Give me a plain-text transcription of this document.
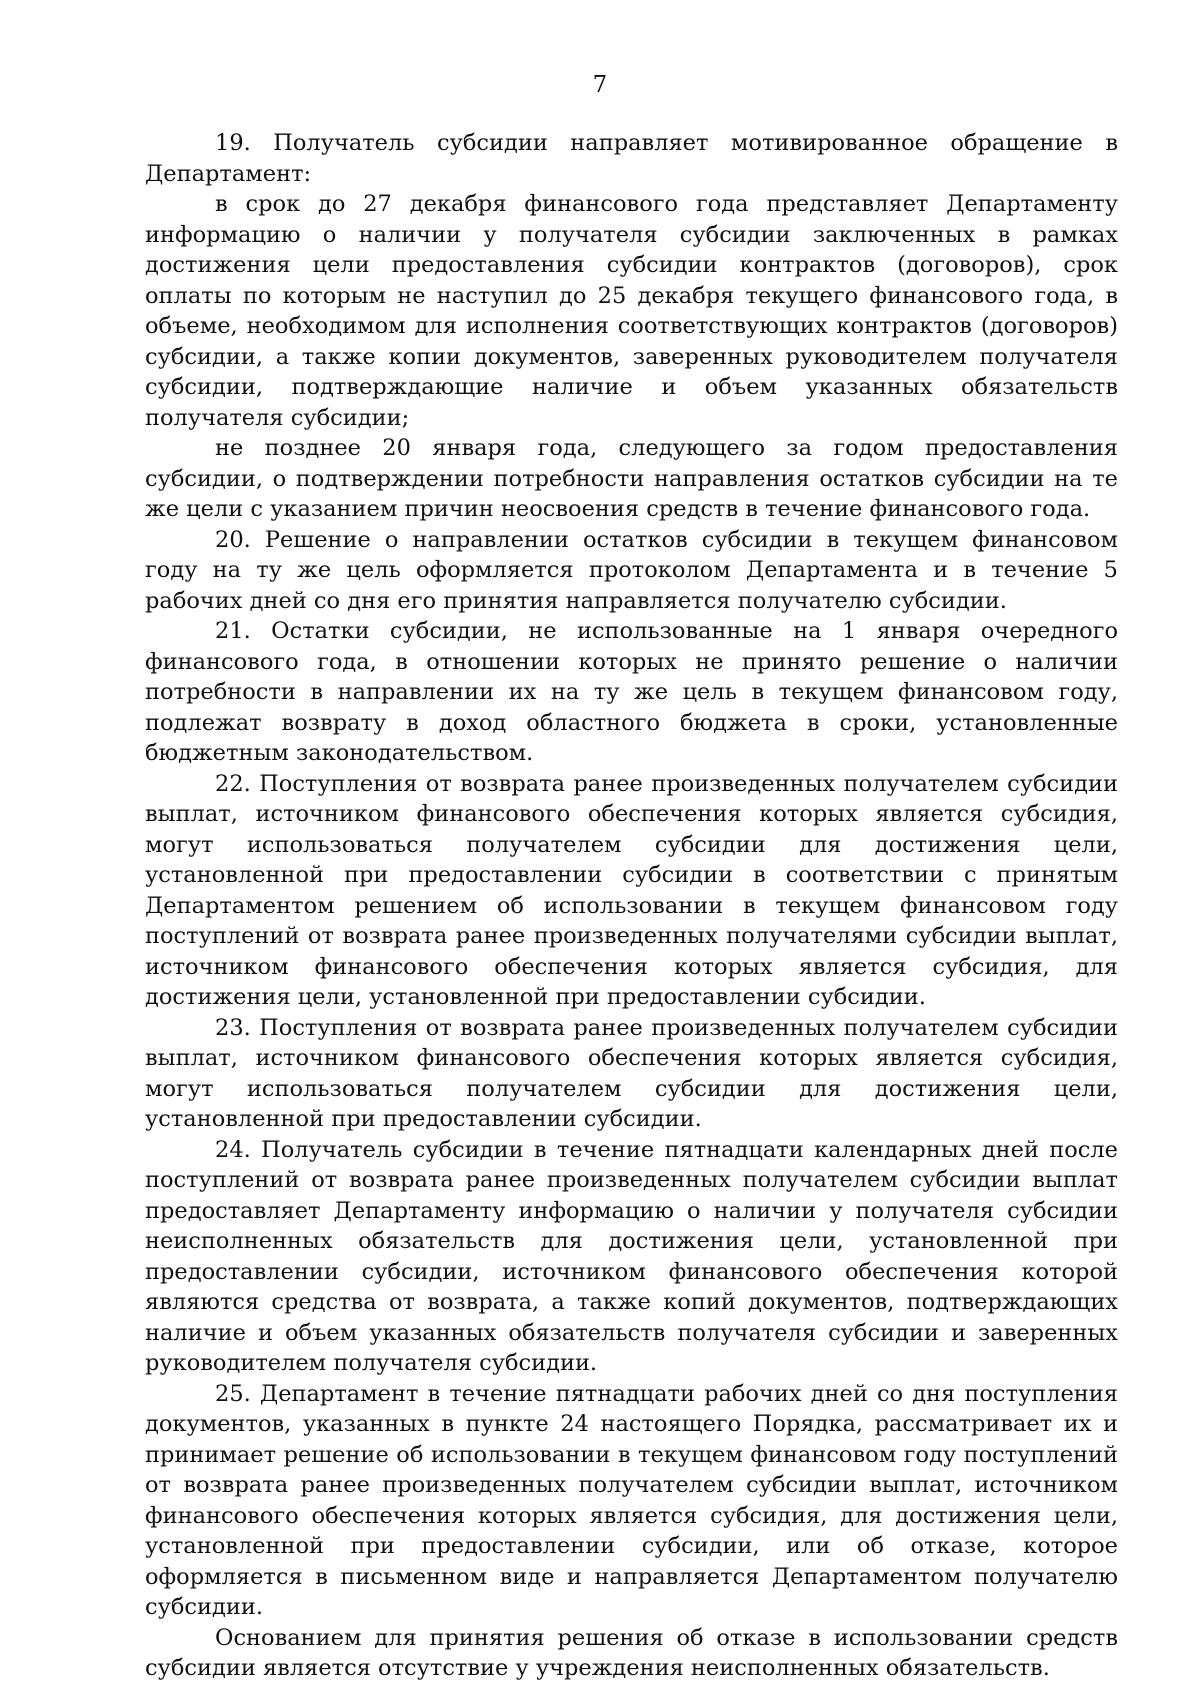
7

19. Получатель субсидии направляет мотивированное обращение в Департамент:

в срок до 27 декабря финансового года представляет Департаменту информацию о наличии у получателя субсидии заключенных в рамках достижения цели предоставления субсидии контрактов (договоров), срок оплаты по которым не наступил до 25 декабря текущего финансового года, в объеме, необходимом для исполнения соответствующих контрактов (договоров) субсидии, а также копии документов, заверенных руководителем получателя субсидии, подтверждающие наличие и объем указанных обязательств получателя субсидии;

не позднее 20 января года, следующего за годом предоставления субсидии, о подтверждении потребности направления остатков субсидии на те же цели с указанием причин неосвоения средств в течение финансового года.

20. Решение о направлении остатков субсидии в текущем финансовом году на ту же цель оформляется протоколом Департамента и в течение 5 рабочих дней со дня его принятия направляется получателю субсидии.

21. Остатки субсидии, не использованные на 1 января очередного финансового года, в отношении которых не принято решение о наличии потребности в направлении их на ту же цель в текущем финансовом году, подлежат возврату в доход областного бюджета в сроки, установленные бюджетным законодательством.

22. Поступления от возврата ранее произведенных получателем субсидии выплат, источником финансового обеспечения которых является субсидия, могут использоваться получателем субсидии для достижения цели, установленной при предоставлении субсидии в соответствии с принятым Департаментом решением об использовании в текущем финансовом году поступлений от возврата ранее произведенных получателями субсидии выплат, источником финансового обеспечения которых является субсидия, для достижения цели, установленной при предоставлении субсидии.

23. Поступления от возврата ранее произведенных получателем субсидии выплат, источником финансового обеспечения которых является субсидия, могут использоваться получателем субсидии для достижения цели, установленной при предоставлении субсидии.

24. Получатель субсидии в течение пятнадцати календарных дней после поступлений от возврата ранее произведенных получателем субсидии выплат предоставляет Департаменту информацию о наличии у получателя субсидии неисполненных обязательств для достижения цели, установленной при предоставлении субсидии, источником финансового обеспечения которой являются средства от возврата, а также копий документов, подтверждающих наличие и объем указанных обязательств получателя субсидии и заверенных руководителем получателя субсидии.

25. Департамент в течение пятнадцати рабочих дней со дня поступления документов, указанных в пункте 24 настоящего Порядка, рассматривает их и принимает решение об использовании в текущем финансовом году поступлений от возврата ранее произведенных получателем субсидии выплат, источником финансового обеспечения которых является субсидия, для достижения цели, установленной при предоставлении субсидии, или об отказе, которое оформляется в письменном виде и направляется Департаментом получателю субсидии.

Основанием для принятия решения об отказе в использовании средств субсидии является отсутствие у учреждения неисполненных обязательств.
